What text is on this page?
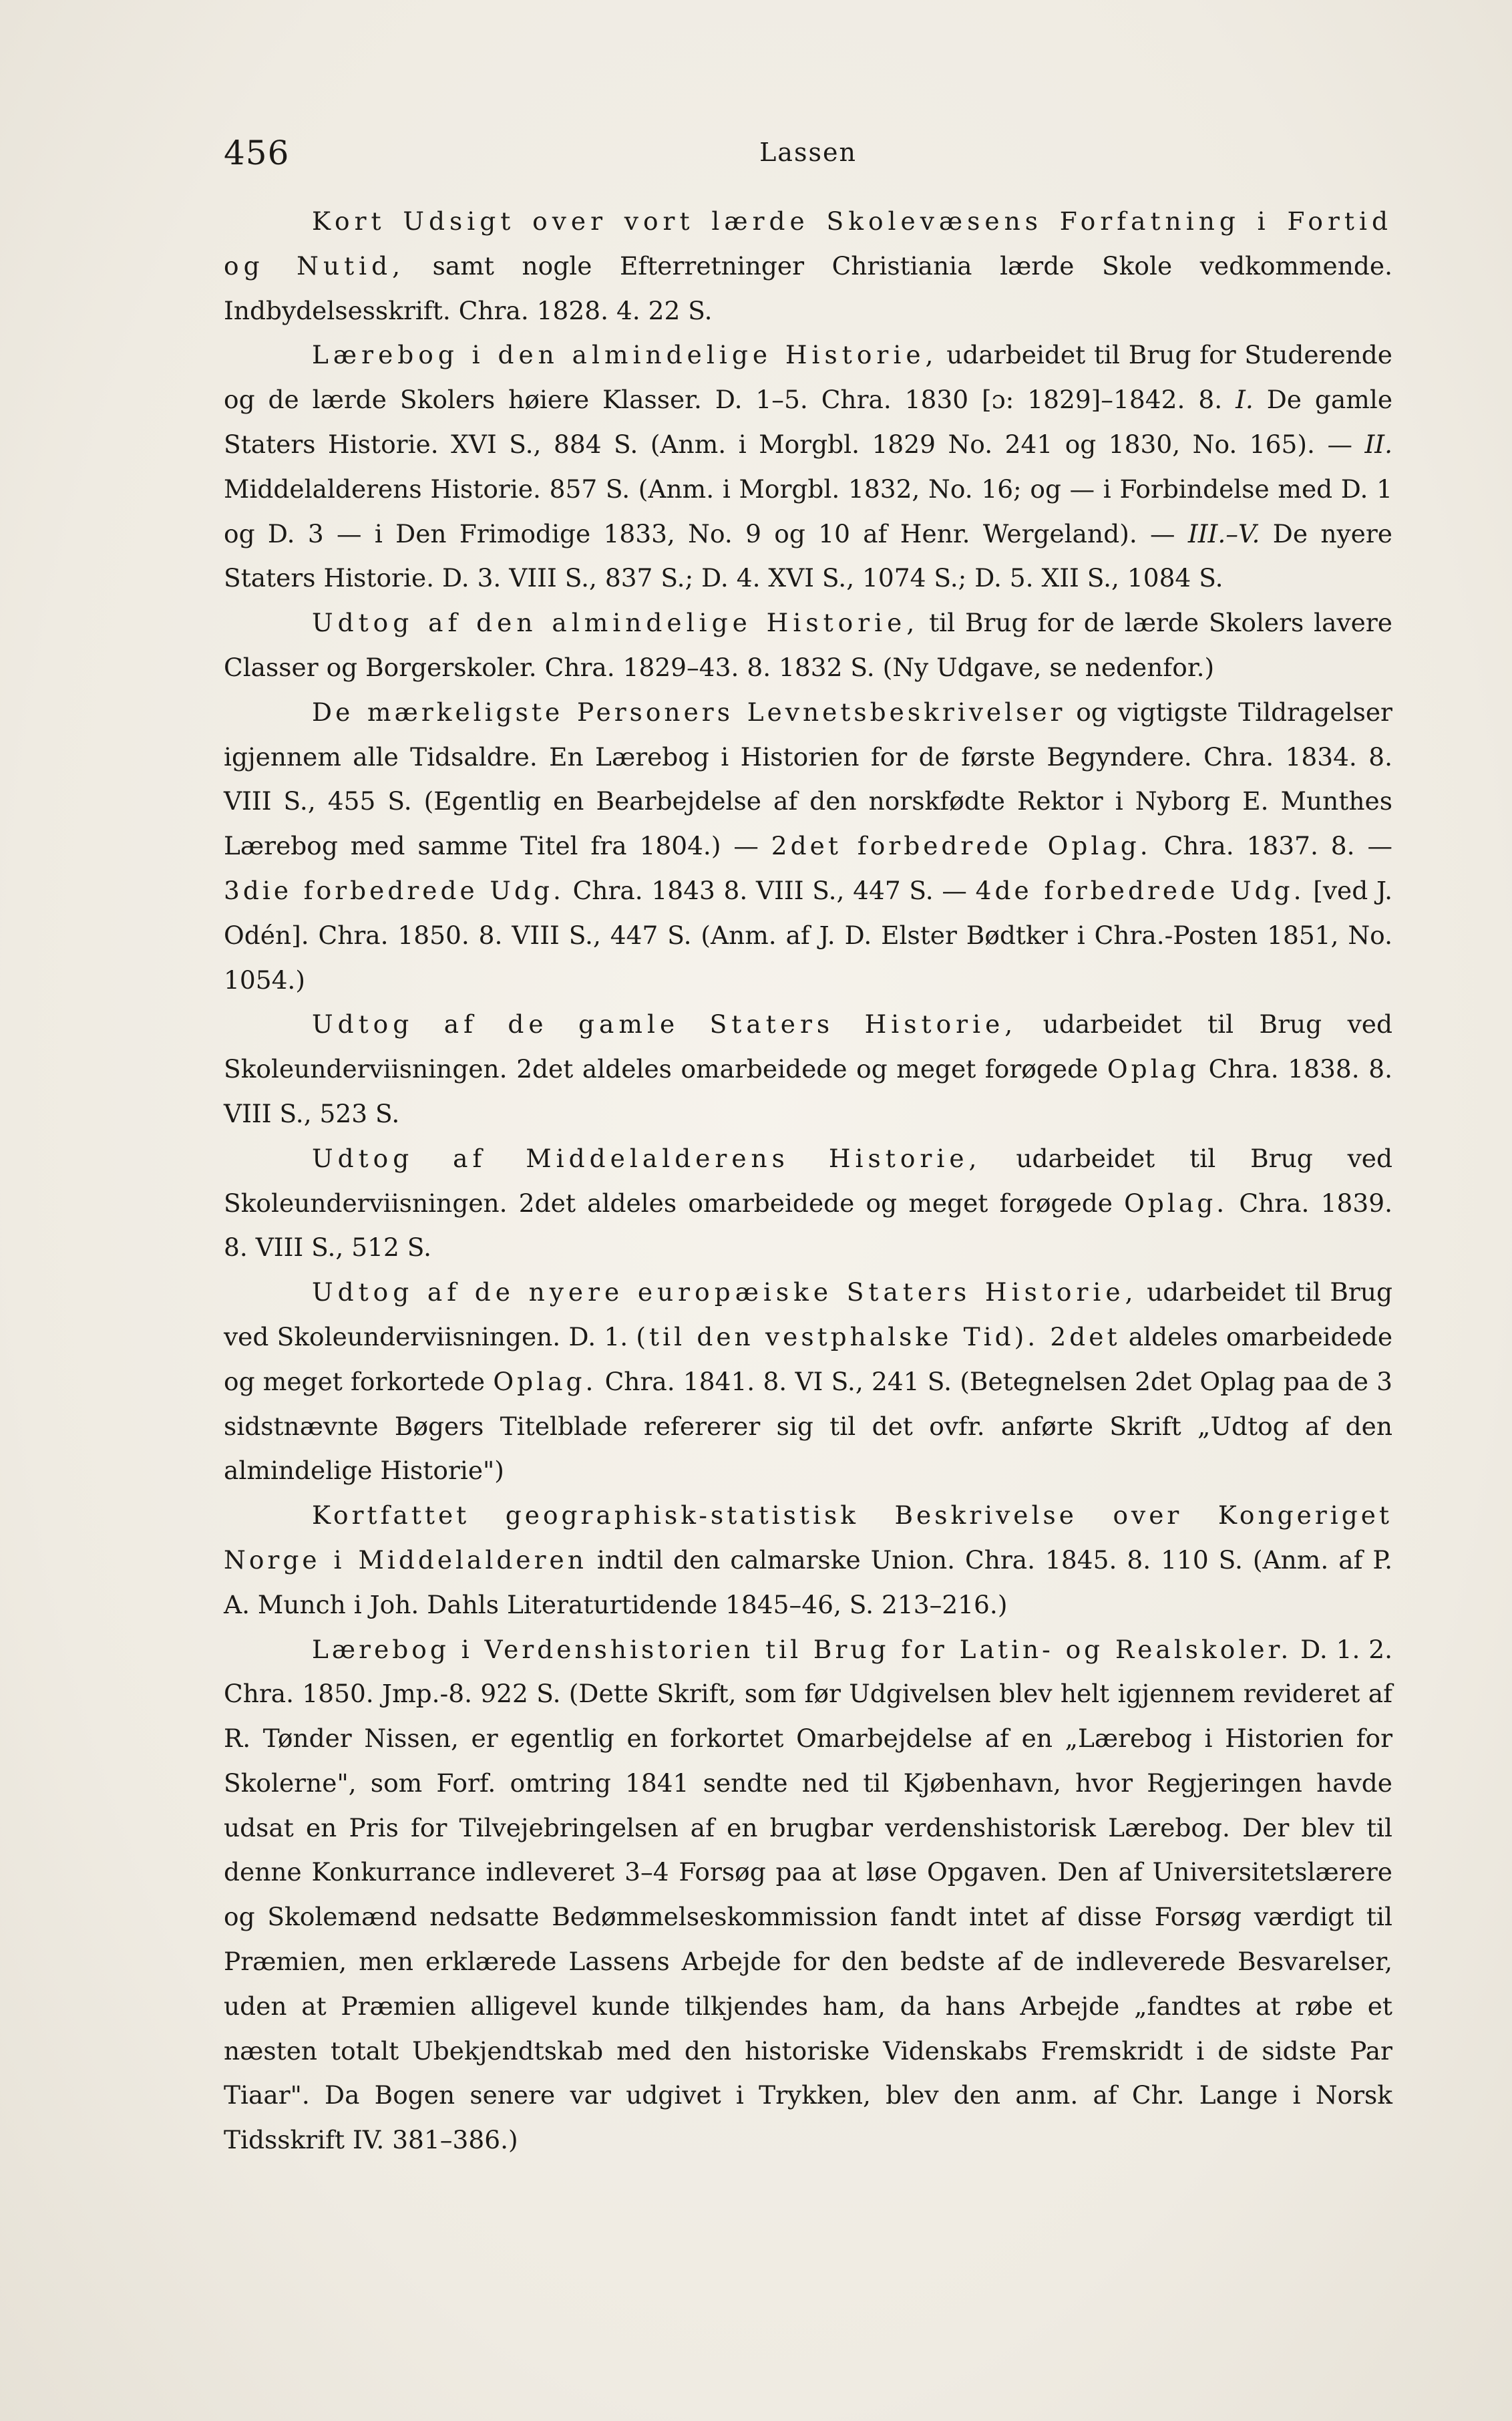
456	Lassen

Kort Udsigt over vort lærde Skolevæsens Forfatning i Fortid og Nutid, samt nogle Efterretninger Christiania lærde Skole vedkommende. Indbydelsesskrift. Chra. 1828. 4. 22 S.

Lærebog i den almindelige Historie, udarbeidet til Brug for Studerende og de lærde Skolers høiere Klasser. D. 1–5. Chra. 1830 [ɔ: 1829]–1842. 8. I. De gamle Staters Historie. XVI S., 884 S. (Anm. i Morgbl. 1829 No. 241 og 1830, No. 165). — II. Middelalderens Historie. 857 S. (Anm. i Morgbl. 1832, No. 16; og — i Forbindelse med D. 1 og D. 3 — i Den Frimodige 1833, No. 9 og 10 af Henr. Wergeland). — III.–V. De nyere Staters Historie. D. 3. VIII S., 837 S.; D. 4. XVI S., 1074 S.; D. 5. XII S., 1084 S.

Udtog af den almindelige Historie, til Brug for de lærde Skolers lavere Classer og Borgerskoler. Chra. 1829–43. 8. 1832 S. (Ny Udgave, se nedenfor.)

De mærkeligste Personers Levnetsbeskrivelser og vigtigste Tildragelser igjennem alle Tidsaldre. En Lærebog i Historien for de første Begyndere. Chra. 1834. 8. VIII S., 455 S. (Egentlig en Bearbejdelse af den norskfødte Rektor i Nyborg E. Munthes Lærebog med samme Titel fra 1804.) — 2det forbedrede Oplag. Chra. 1837. 8. — 3die forbedrede Udg. Chra. 1843 8. VIII S., 447 S. — 4de forbedrede Udg. [ved J. Odén]. Chra. 1850. 8. VIII S., 447 S. (Anm. af J. D. Elster Bødtker i Chra.-Posten 1851, No. 1054.)

Udtog af de gamle Staters Historie, udarbeidet til Brug ved Skoleunderviisningen. 2det aldeles omarbeidede og meget forøgede Oplag Chra. 1838. 8. VIII S., 523 S.

Udtog af Middelalderens Historie, udarbeidet til Brug ved Skoleunderviisningen. 2det aldeles omarbeidede og meget forøgede Oplag. Chra. 1839. 8. VIII S., 512 S.

Udtog af de nyere europæiske Staters Historie, udarbeidet til Brug ved Skoleunderviisningen. D. 1. (til den vestphalske Tid). 2det aldeles omarbeidede og meget forkortede Oplag. Chra. 1841. 8. VI S., 241 S. (Betegnelsen 2det Oplag paa de 3 sidstnævnte Bøgers Titelblade refererer sig til det ovfr. anførte Skrift „Udtog af den almindelige Historie")

Kortfattet geographisk-statistisk Beskrivelse over Kongeriget Norge i Middelalderen indtil den calmarske Union. Chra. 1845. 8. 110 S. (Anm. af P. A. Munch i Joh. Dahls Literaturtidende 1845–46, S. 213–216.)

Lærebog i Verdenshistorien til Brug for Latin- og Realskoler. D. 1. 2. Chra. 1850. Jmp.-8. 922 S. (Dette Skrift, som før Udgivelsen blev helt igjennem revideret af R. Tønder Nissen, er egentlig en forkortet Omarbejdelse af en „Lærebog i Historien for Skolerne", som Forf. omtring 1841 sendte ned til Kjøbenhavn, hvor Regjeringen havde udsat en Pris for Tilvejebringelsen af en brugbar verdenshistorisk Lærebog. Der blev til denne Konkurrance indleveret 3–4 Forsøg paa at løse Opgaven. Den af Universitetslærere og Skolemænd nedsatte Bedømmelseskommission fandt intet af disse Forsøg værdigt til Præmien, men erklærede Lassens Arbejde for den bedste af de indleverede Besvarelser, uden at Præmien alligevel kunde tilkjendes ham, da hans Arbejde „fandtes at røbe et næsten totalt Ubekjendtskab med den historiske Videnskabs Fremskridt i de sidste Par Tiaar". Da Bogen senere var udgivet i Trykken, blev den anm. af Chr. Lange i Norsk Tidsskrift IV. 381–386.)
